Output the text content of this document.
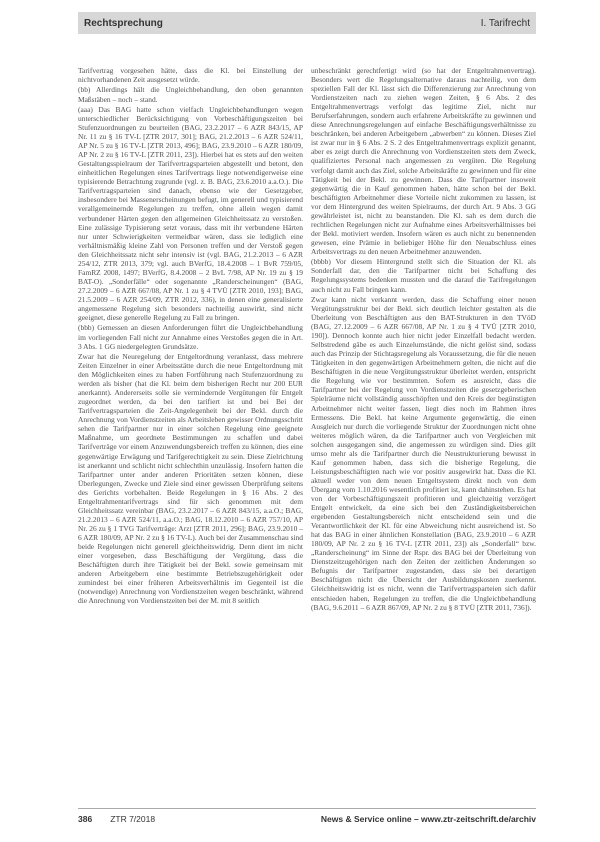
Rechtsprechung	I. Tarifrecht

Tarifvertrag vorgesehen hätte, dass die Kl. bei Einstellung der nichtvorhandenen Zeit ausgesetzt würde.

(bb) Allerdings hält die Ungleichbehandlung, den oben genannten Maßstäben – noch – stand.

(aaa) Das BAG hatte schon vielfach Ungleichbehandlungen wegen unterschiedlicher Berücksichtigung von Vorbeschäftigungszeiten bei Stufenzuordnungen zu beurteilen (BAG, 23.2.2017 – 6 AZR 843/15, AP Nr. 11 zu § 16 TV-L [ZTR 2017, 301]; BAG, 21.2.2013 – 6 AZR 524/11, AP Nr. 5 zu § 16 TV-L [ZTR 2013, 496]; BAG, 23.9.2010 – 6 AZR 180/09, AP Nr. 2 zu § 16 TV-L [ZTR 2011, 23]). Hierbei hat es stets auf den weiten Gestaltungsspielraum der Tarifvertragsparteien abgestellt und betont, den einheitlichen Regelungen eines Tarifvertrags liege notwendigerweise eine typisierende Betrachtung zugrunde (vgl. z. B. BAG, 23.6.2010 a.a.O.). Die Tarifvertragsparteien sind danach, ebenso wie der Gesetzgeber, insbesondere bei Massenerscheinungen befugt, im generell und typisierend verallgemeinernde Regelungen zu treffen, ohne allein wegen damit verbundener Härten gegen den allgemeinen Gleichheitssatz zu verstoßen. Eine zulässige Typisierung setzt voraus, dass mit ihr verbundene Härten nur unter Schwierigkeiten vermeidbar wären, dass sie lediglich eine verhältnismäßig kleine Zahl von Personen treffen und der Verstoß gegen den Gleichheitssatz nicht sehr intensiv ist (vgl. BAG, 21.2.2013 – 6 AZR 254/12, ZTR 2013, 379; vgl. auch BVerfG, 18.4.2008 – 1 BvR 759/05, FamRZ 2008, 1497; BVerfG, 8.4.2008 – 2 BvL 7/98, AP Nr. 19 zu § 19 BAT-O). „Sonderfälle“ oder sogenannte „Randerscheinungen“ (BAG, 27.2.2009 – 6 AZR 667/08, AP Nr. 1 zu § 4 TVÜ [ZTR 2010, 193]; BAG, 21.5.2009 – 6 AZR 254/09, ZTR 2012, 336), in denen eine generalisierte angemessene Regelung sich besonders nachteilig auswirkt, sind nicht geeignet, diese generelle Regelung zu Fall zu bringen.

(bbb) Gemessen an diesen Anforderungen führt die Ungleichbehandlung im vorliegenden Fall nicht zur Annahme eines Verstoßes gegen die in Art. 3 Abs. 1 GG niedergelegten Grundsätze.

Zwar hat die Neuregelung der Entgeltordnung veranlasst, dass mehrere Zeiten Einzelner in einer Arbeitsstätte durch die neue Entgeltordnung mit den Möglichkeiten eines zu haben Fortführung nach Stufenzuordnung zu werden als bisher (hat die Kl. beim dem bisherigen Recht nur 200 EUR anerkannt). Andererseits solle sie vermindernde Vergütungen für Entgelt zugeordnet werden, da bei den tarifiert ist und bei Bei der Tarifvertragsparteien die Zeit-Angelegenheit bei der Bekl. durch die Anrechnung von Vordienstzeiten als Arbeitsleben gewisser Ordnungsschritt sehen die Tarifpartner nur in einer solchen Regelung eine geeignete Maßnahme, um geordnete Bestimmungen zu schaffen und dabei Tarifverträge vor einem Anzuwendungsbereich treffen zu können, dies eine gegenwärtige Erwägung und Tarifgerechtigkeit zu sein. Diese Zielrichtung ist anerkannt und schlicht nicht schlechthin unzulässig. Insofern hatten die Tarifpartner unter ander anderen Prioritäten setzen können, diese Überlegungen, Zwecke und Ziele sind einer gewissen Überprüfung seitens des Gerichts vorbehalten. Beide Regelungen in § 16 Abs. 2 des Entgeltrahmentarifvertrags sind für sich genommen mit dem Gleichheitssatz vereinbar (BAG, 23.2.2017 – 6 AZR 843/15, a.a.O.; BAG, 21.2.2013 – 6 AZR 524/11, a.a.O.; BAG, 18.12.2010 – 6 AZR 757/10, AP Nr. 26 zu § 1 TVG Tarifverträge: Arzt [ZTR 2011, 296]; BAG, 23.9.2010 – 6 AZR 180/09, AP Nr. 2 zu § 16 TV-L). Auch bei der Zusammenschau sind beide Regelungen nicht generell gleichheitswidrig. Denn dient im nicht einer vorgesehen, dass Beschäftigung der Vergütung, dass die Beschäftigten durch ihre Tätigkeit bei der Bekl. sowie gemeinsam mit anderen Arbeitgebern eine bestimmte Betriebszugehörigkeit oder zumindest bei einer früheren Arbeitsverhältnis im Gegenteil ist die (notwendige) Anrechnung von Vordienstzeiten wegen beschränkt, während die Anrechnung von Vordienstzeiten bei der M. mit 8 seitlich

unbeschränkt gerechtfertigt wird (so hat der Entgeltrahmenvertrag). Besonders wert die Regelungsalternative daraus nachteilig, von dem speziellen Fall der Kl. lässt sich die Differenzierung zur Anrechnung von Vordienstzeiten nach zu ziehen wegen Zeiten, § 6 Abs. 2 des Entgeltrahmenvertrags verfolgt das legitime Ziel, nicht nur Berufserfahrungen, sondern auch erfahrene Arbeitskräfte zu gewinnen und diese Anrechnungsregelungen auf einfache Beschäftigungsverhältnisse zu beschränken, bei anderen Arbeitgebern „abwerben“ zu können. Dieses Ziel ist zwar nur in § 6 Abs. 2 S. 2 des Entgeltrahmenvertrags explizit genannt, aber es zeigt durch die Anrechnung von Vordienstzeiten stets dem Zweck, qualifiziertes Personal nach angemessen zu vergüten. Die Regelung verfolgt damit auch das Ziel, solche Arbeitskräfte zu gewinnen und für eine Tätigkeit bei der Bekl. zu gewinnen. Dass die Tarifpartner insoweit gegenwärtig die in Kauf genommen haben, hätte schon bei der Bekl. beschäftigten Arbeitnehmer diese Vorteile nicht zukommen zu lassen, ist vor dem Hintergrund des weiten Spielraums, der durch Art. 9 Abs. 3 GG gewährleistet ist, nicht zu beanstanden. Die Kl. sah es dem durch die rechtlichen Regelungen nicht zur Aufnahme eines Arbeitsverhältnisses bei der Bekl. motiviert werden. Insofern wären es auch nicht zu benennenden gewesen, eine Prämie in beliebiger Höhe für den Neuabschluss eines Arbeitsvertrags zu den neuen Arbeitnehmer anzuwenden.

(bbbb) Vor diesem Hintergrund stellt sich die Situation der Kl. als Sonderfall dar, den die Tarifpartner nicht bei Schaffung des Regelungssystems bedenken mussten und die darauf die Tarifregelungen auch nicht zu Fall bringen kann.

Zwar kann nicht verkannt werden, dass die Schaffung einer neuen Vergütungsstruktur bei der Bekl. sich deutlich leichter gestalten als die Überleitung von Beschäftigten aus den BAT-Strukturen in den TVöD (BAG, 27.12.2009 – 6 AZR 667/08, AP Nr. 1 zu § 4 TVÜ [ZTR 2010, 190]). Dennoch konnte auch hier nicht jeder Einzelfall bedacht werden. Selbstredend gäbe es auch Einzelumstände, die nicht gelöst sind, sodass auch das Prinzip der Stichtagsregelung als Voraussetzung, die für die neuen Tätigkeiten in den gegenwärtigen Arbeitnehmern gelten, die nicht auf die Beschäftigten in die neue Vergütungsstruktur überleitet werden, entspricht die Regelung wie vor bestimmten. Sofern es ausreicht, dass die Tarifpartner bei der Regelung von Vordienstzeiten die gesetzgeberischen Spielräume nicht vollständig ausschöpften und den Kreis der begünstigten Arbeitnehmer nicht weiter fassen, liegt dies noch im Rahmen ihres Ermessens. Die Bekl. hat keine Argumente gegenwärtig, die einen Ausgleich nur durch die vorliegende Struktur der Zuordnungen nicht ohne weiteres möglich wären, da die Tarifpartner auch von Vergleichen mit solchen ausgegangen sind, die angemessen zu würdigen sind. Dies gilt umso mehr als die Tarifpartner durch die Neustrukturierung bewusst in Kauf genommen haben, dass sich die bisherige Regelung, die Leistungsbeschäftigten nach wie vor positiv ausgewirkt hat. Dass die Kl. aktuell weder von dem neuen Entgeltsystem direkt noch von dem Übergang vom 1.10.2016 wesentlich profitiert ist, kann dahinstehen. Es hat von der Vorbeschäftigungszeit profitieren und gleichzeitig verzögert Entgelt entwickelt, da eine sich bei den Zuständigkeitsbereichen ergebenden Gestaltungsbereich nicht entscheidend sein und die Verantwortlichkeit der Kl. für eine Abweichung nicht ausreichend ist. So hat das BAG in einer ähnlichen Konstellation (BAG, 23.9.2010 – 6 AZR 180/09, AP Nr. 2 zu § 16 TV-L [ZTR 2011, 23]) als „Sonderfall“ bzw. „Randerscheinung“ im Sinne der Rspr. des BAG bei der Überleitung von Dienstzeitzugehörigen nach den Zeiten der zeitlichen Änderungen so Befugnis der Tarifpartner zugestanden, dass sie bei derartigen Beschäftigten nicht die Übersicht der Ausbildungskosten zuerkennt. Gleichheitswidrig ist es nicht, wenn die Tarifvertragsparteien sich dafür entschieden haben, Regelungen zu treffen, die die Ungleichbehandlung (BAG, 9.6.2011 – 6 AZR 867/09, AP Nr. 2 zu § 8 TVÜ [ZTR 2011, 736]).

386 ZTR 7/2018	News & Service online – www.ztr-zeitschrift.de/archiv
